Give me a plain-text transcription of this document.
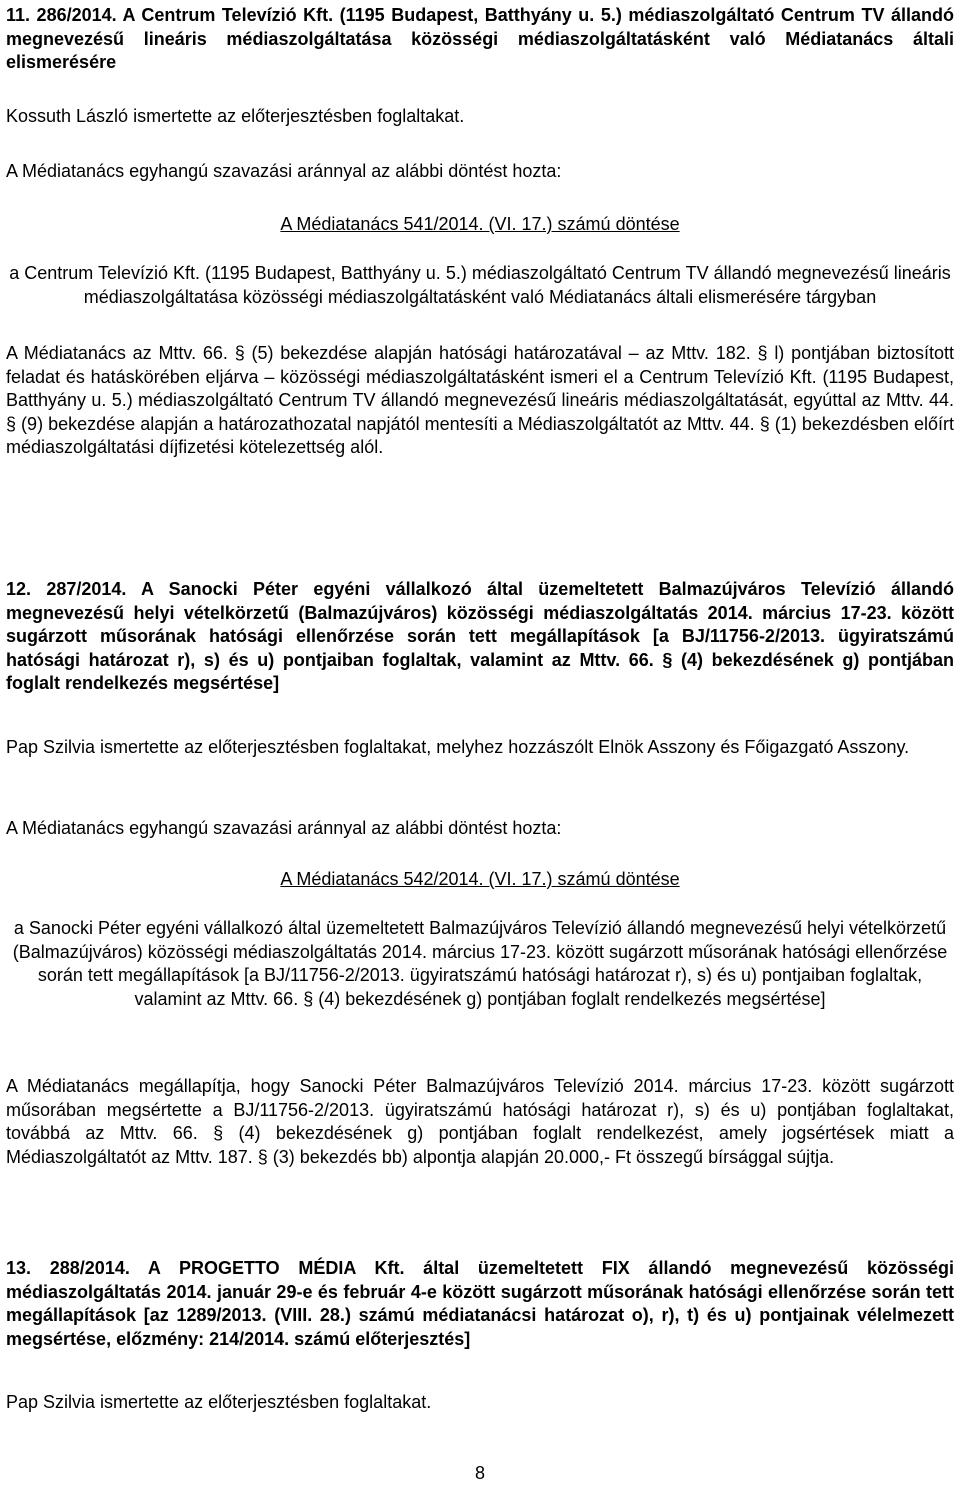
11. 286/2014. A Centrum Televízió Kft. (1195 Budapest, Batthyány u. 5.) médiaszolgáltató Centrum TV állandó megnevezésű lineáris médiaszolgáltatása közösségi médiaszolgáltatásként való Médiatanács általi elismerésére

Kossuth László ismertette az előterjesztésben foglaltakat.

A Médiatanács egyhangú szavazási aránnyal az alábbi döntést hozta:

A Médiatanács 541/2014. (VI. 17.) számú döntése

a Centrum Televízió Kft. (1195 Budapest, Batthyány u. 5.) médiaszolgáltató Centrum TV állandó megnevezésű lineáris médiaszolgáltatása közösségi médiaszolgáltatásként való Médiatanács általi elismerésére tárgyban

A Médiatanács az Mttv. 66. § (5) bekezdése alapján hatósági határozatával – az Mttv. 182. § l) pontjában biztosított feladat és hatáskörében eljárva – közösségi médiaszolgáltatásként ismeri el a Centrum Televízió Kft. (1195 Budapest, Batthyány u. 5.) médiaszolgáltató Centrum TV állandó megnevezésű lineáris médiaszolgáltatását, egyúttal az Mttv. 44. § (9) bekezdése alapján a határozathozatal napjától mentesíti a Médiaszolgáltatót az Mttv. 44. § (1) bekezdésben előírt médiaszolgáltatási díjfizetési kötelezettség alól.

12. 287/2014. A Sanocki Péter egyéni vállalkozó által üzemeltetett Balmazújváros Televízió állandó megnevezésű helyi vételkörzetű (Balmazújváros) közösségi médiaszolgáltatás 2014. március 17-23. között sugárzott műsorának hatósági ellenőrzése során tett megállapítások [a BJ/11756-2/2013. ügyiratszámú hatósági határozat r), s) és u) pontjaiban foglaltak, valamint az Mttv. 66. § (4) bekezdésének g) pontjában foglalt rendelkezés megsértése]

Pap Szilvia ismertette az előterjesztésben foglaltakat, melyhez hozzászólt Elnök Asszony és Főigazgató Asszony.

A Médiatanács egyhangú szavazási aránnyal az alábbi döntést hozta:

A Médiatanács 542/2014. (VI. 17.) számú döntése

a Sanocki Péter egyéni vállalkozó által üzemeltetett Balmazújváros Televízió állandó megnevezésű helyi vételkörzetű (Balmazújváros) közösségi médiaszolgáltatás 2014. március 17-23. között sugárzott műsorának hatósági ellenőrzése során tett megállapítások [a BJ/11756-2/2013. ügyiratszámú hatósági határozat r), s) és u) pontjaiban foglaltak, valamint az Mttv. 66. § (4) bekezdésének g) pontjában foglalt rendelkezés megsértése]

A Médiatanács megállapítja, hogy Sanocki Péter Balmazújváros Televízió 2014. március 17-23. között sugárzott műsorában megsértette a BJ/11756-2/2013. ügyiratszámú hatósági határozat r), s) és u) pontjában foglaltakat, továbbá az Mttv. 66. § (4) bekezdésének g) pontjában foglalt rendelkezést, amely jogsértések miatt a Médiaszolgáltatót az Mttv. 187. § (3) bekezdés bb) alpontja alapján 20.000,- Ft összegű bírsággal sújtja.

13. 288/2014. A PROGETTO MÉDIA Kft. által üzemeltetett FIX állandó megnevezésű közösségi médiaszolgáltatás 2014. január 29-e és február 4-e között sugárzott műsorának hatósági ellenőrzése során tett megállapítások [az 1289/2013. (VIII. 28.) számú médiatanácsi határozat o), r), t) és u) pontjainak vélelmezett megsértése, előzmény: 214/2014. számú előterjesztés]

Pap Szilvia ismertette az előterjesztésben foglaltakat.

8
